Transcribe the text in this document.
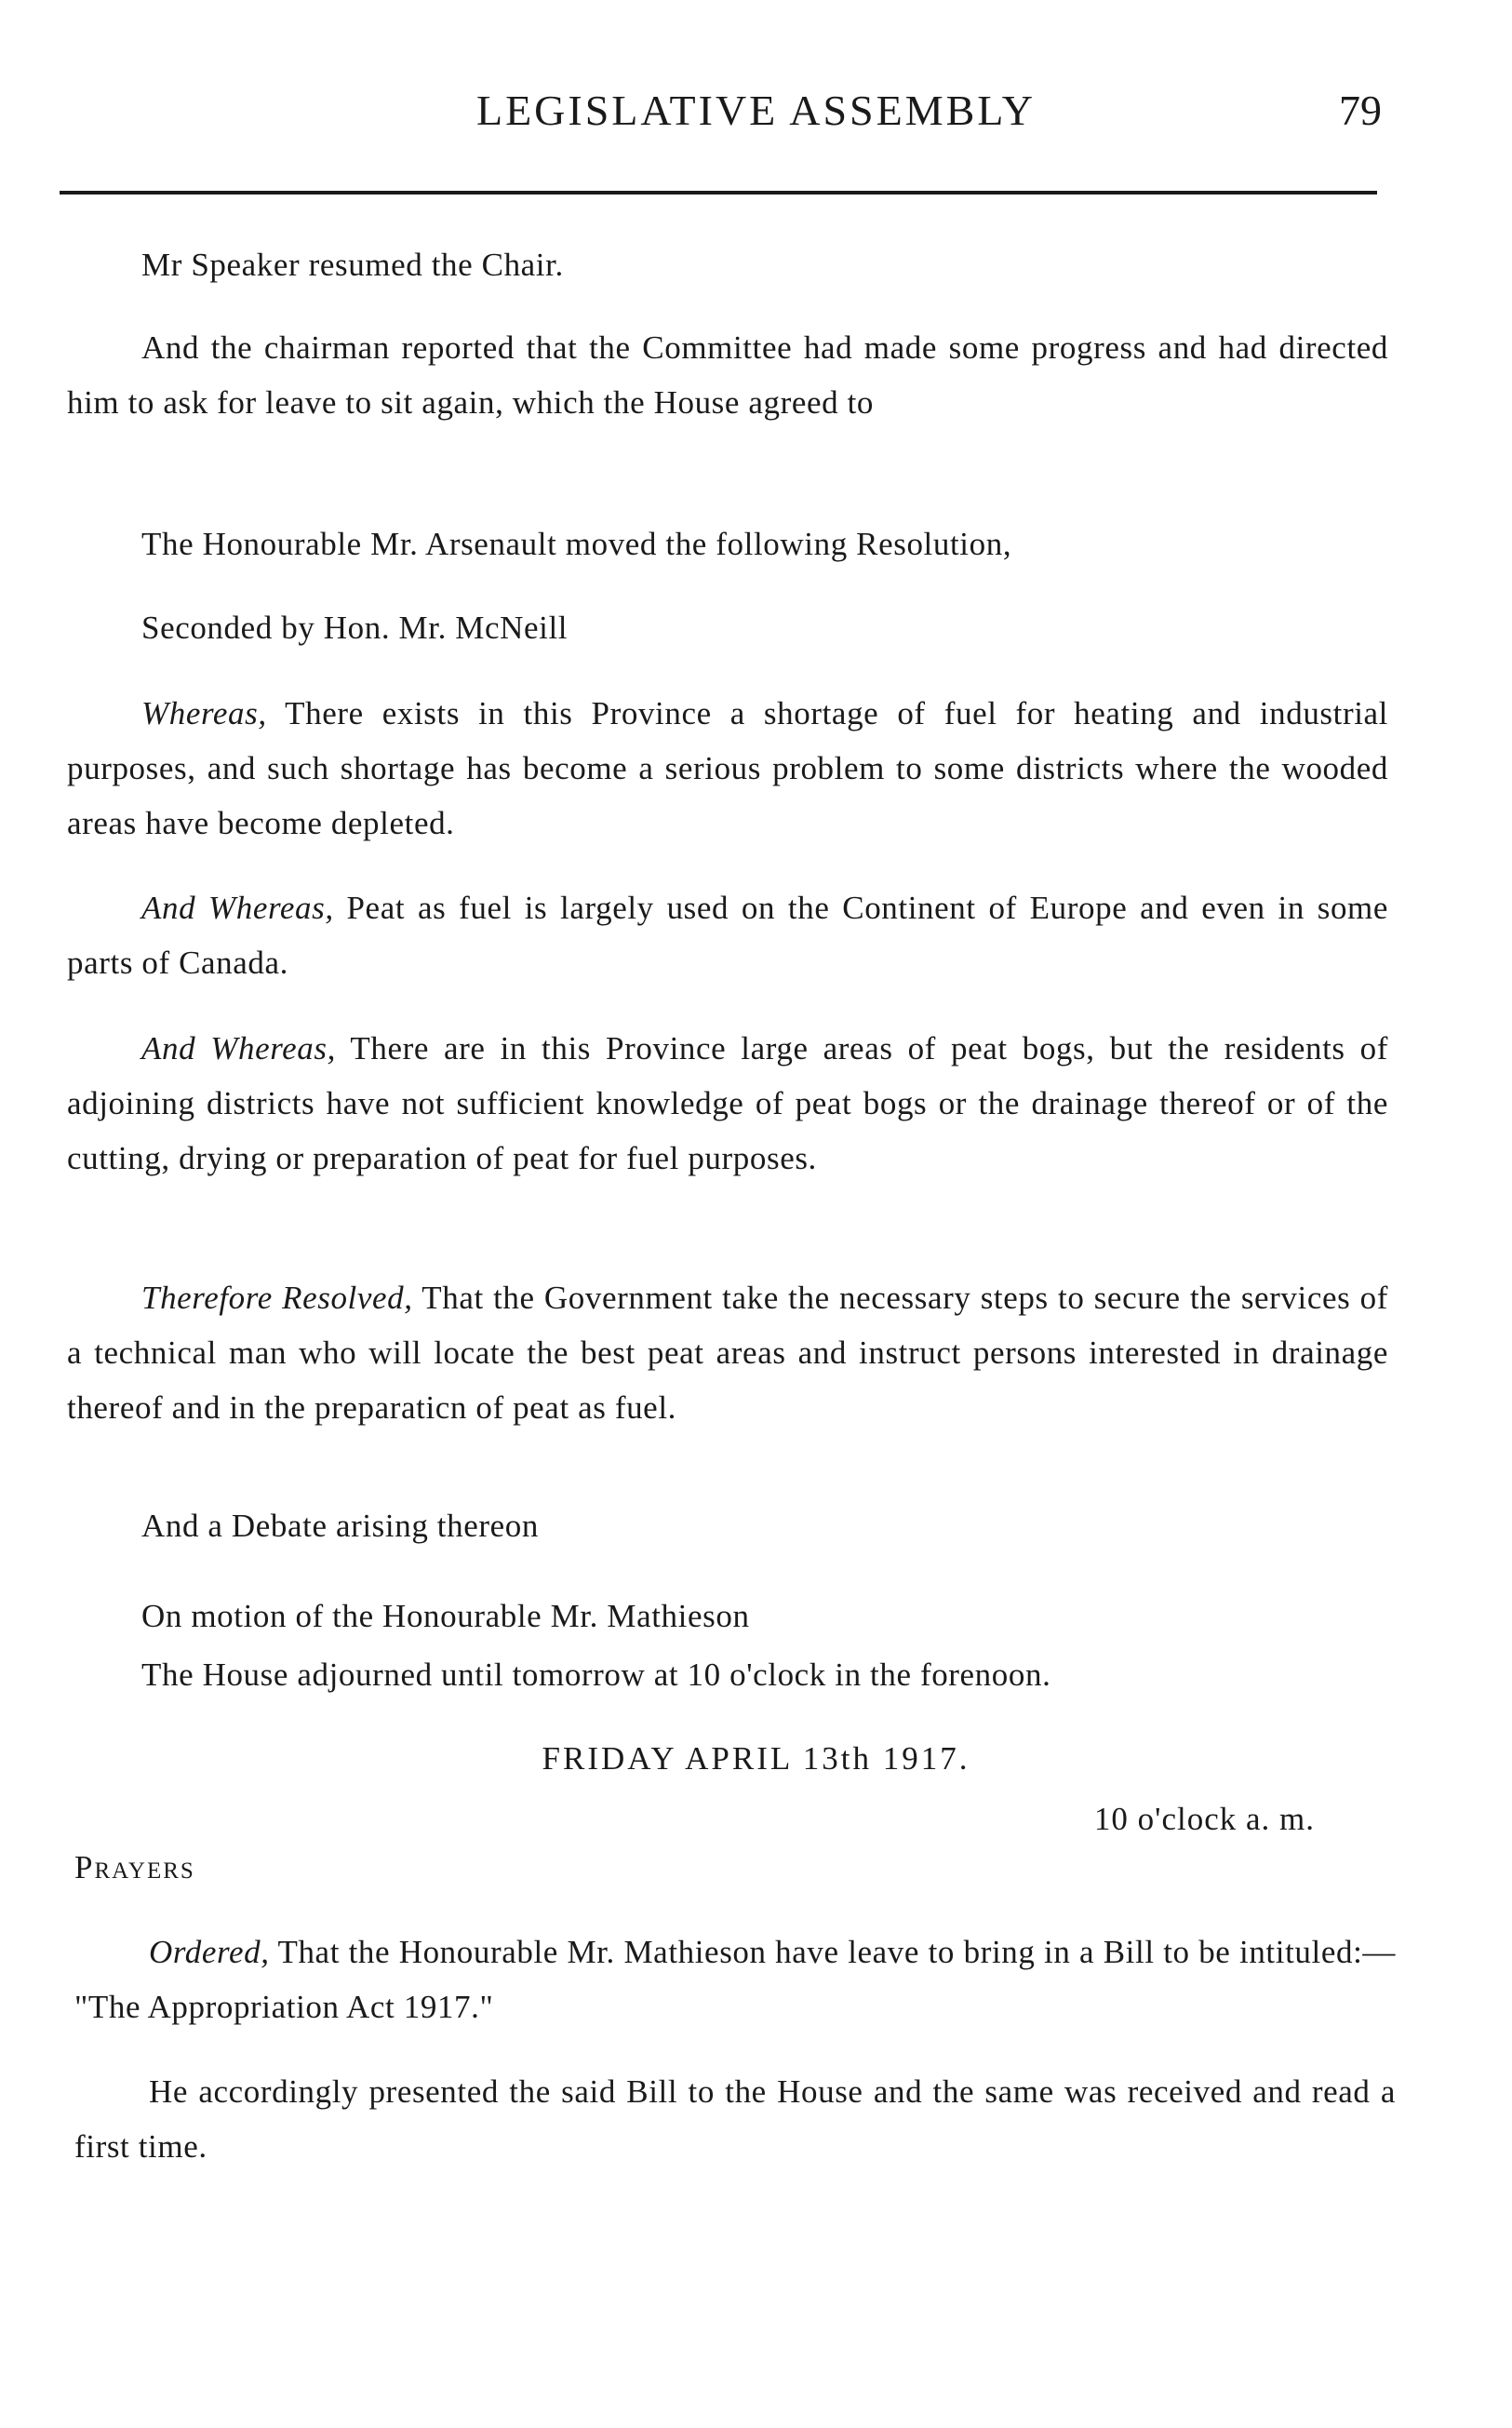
LEGISLATIVE ASSEMBLY	79
Mr Speaker resumed the Chair.
And the chairman reported that the Committee had made some progress and had directed him to ask for leave to sit again, which the House agreed to
The Honourable Mr. Arsenault moved the following Resolution,
Seconded by Hon. Mr. McNeill
Whereas, There exists in this Province a shortage of fuel for heating and industrial purposes, and such shortage has become a serious problem to some districts where the wooded areas have become depleted.
And Whereas, Peat as fuel is largely used on the Continent of Europe and even in some parts of Canada.
And Whereas, There are in this Province large areas of peat bogs, but the residents of adjoining districts have not sufficient knowledge of peat bogs or the drainage thereof or of the cutting, drying or preparation of peat for fuel purposes.
Therefore Resolved, That the Government take the necessary steps to secure the services of a technical man who will locate the best peat areas and instruct persons interested in drainage thereof and in the preparaticn of peat as fuel.
And a Debate arising thereon
On motion of the Honourable Mr. Mathieson
The House adjourned until tomorrow at 10 o'clock in the forenoon.
FRIDAY APRIL 13th 1917.
10 o'clock a. m.
Prayers
Ordered, That the Honourable Mr. Mathieson have leave to bring in a Bill to be intituled:— "The Appropriation Act 1917."
He accordingly presented the said Bill to the House and the same was received and read a first time.
